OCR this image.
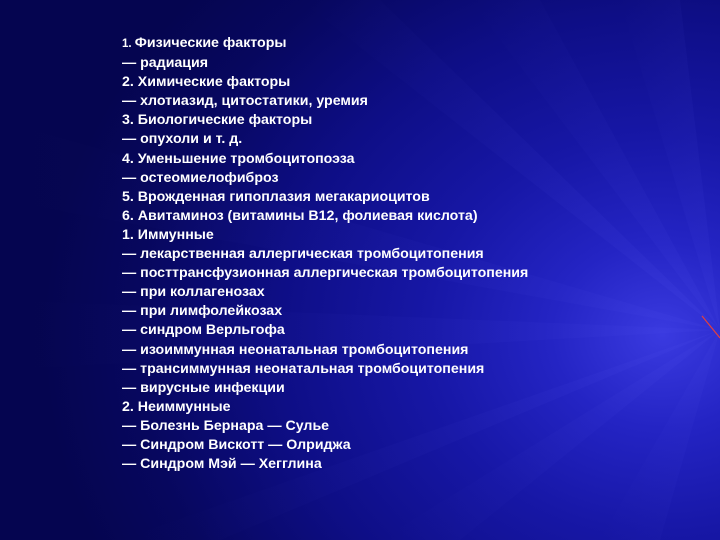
1. Физические факторы
— радиация
2. Химические факторы
— хлотиазид, цитостатики, уремия
3. Биологические факторы
— опухоли и т. д.
4. Уменьшение тромбоцитопоэза
— остеомиелофиброз
5. Врожденная гипоплазия мегакариоцитов
6. Авитаминоз (витамины B12, фолиевая кислота)
1. Иммунные
— лекарственная аллергическая тромбоцитопения
— посттрансфузионная аллергическая тромбоцитопения
— при коллагенозах
— при лимфолейкозах
— синдром Верльгофа
— изоиммунная неонатальная тромбоцитопения
— трансиммунная неонатальная тромбоцитопения
— вирусные инфекции
2. Неиммунные
— Болезнь Бернара — Сулье
— Синдром Вискотт — Олриджа
— Синдром Мэй — Хегглина
